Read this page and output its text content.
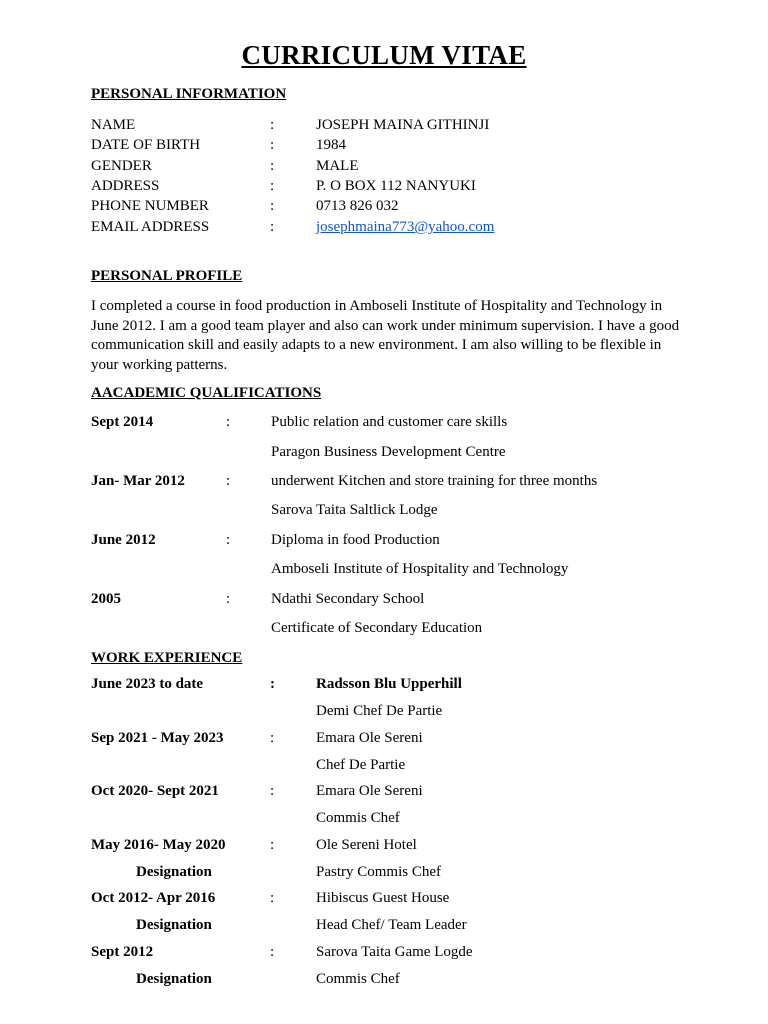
CURRICULUM VITAE
PERSONAL INFORMATION
NAME	:	JOSEPH MAINA GITHINJI
DATE OF BIRTH	:	1984
GENDER	:	MALE
ADDRESS	:	P. O BOX 112 NANYUKI
PHONE NUMBER	:	0713 826 032
EMAIL ADDRESS	:	josephmaina773@yahoo.com
PERSONAL PROFILE
I completed a course in food production in Amboseli Institute of Hospitality and Technology in June 2012. I am a good team player and also can work under minimum supervision. I have a good communication skill and easily adapts to a new environment. I am also willing to be flexible in your working patterns.
AACADEMIC QUALIFICATIONS
Sept 2014	:	Public relation and customer care skills
Paragon Business Development Centre
Jan- Mar 2012	:	underwent Kitchen and store training for three months
Sarova Taita Saltlick Lodge
June 2012	:	Diploma in food Production
Amboseli Institute of Hospitality and Technology
2005	:	Ndathi Secondary School
Certificate of Secondary Education
WORK EXPERIENCE
June 2023 to date	:	Radsson Blu Upperhill
Demi Chef De Partie
Sep 2021 - May 2023	:	Emara Ole Sereni
Chef De Partie
Oct 2020- Sept 2021	:	Emara Ole Sereni
Commis Chef
May 2016- May 2020	:	Ole Sereni Hotel
Designation	Pastry Commis Chef
Oct 2012- Apr 2016	:	Hibiscus Guest House
Designation	Head Chef/ Team Leader
Sept 2012	:	Sarova Taita Game Logde
Designation	Commis Chef
